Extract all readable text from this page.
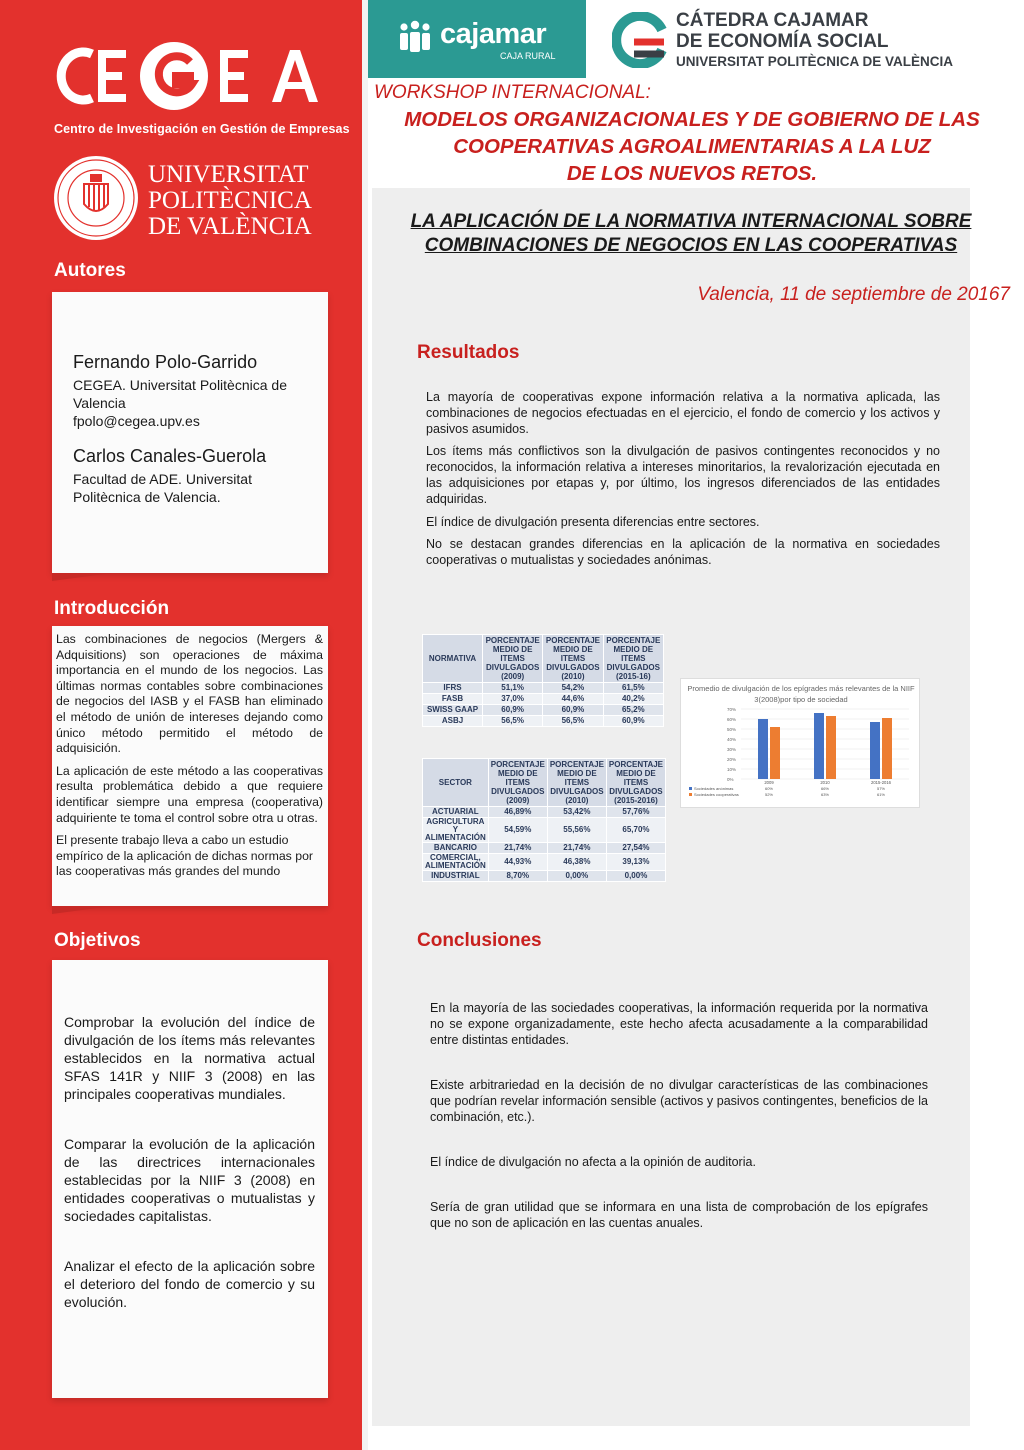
Centro de Investigación en Gestión de Empresas
UNIVERSITAT
POLITÈCNICA
DE VALÈNCIA
Autores
Fernando Polo-Garrido
CEGEA. Universitat Politècnica de
Valencia
fpolo@cegea.upv.es
Carlos Canales-Guerola
Facultad de ADE. Universitat
Politècnica de Valencia.
Introducción

Las combinaciones de negocios (Mergers & Adquisitions) son operaciones de máxima importancia en el mundo de los negocios. Las últimas normas contables sobre combinaciones de negocios del IASB y el FASB han eliminado el método de unión de intereses dejando como único método permitido el método de adquisición.

La aplicación de este método a las cooperativas resulta problemática debido a que requiere identificar siempre una empresa (cooperativa) adquiriente te toma el control sobre otra u otras.

El presente trabajo lleva a cabo un estudio empírico de la aplicación de dichas normas por las cooperativas más grandes del mundo

Objetivos

Comprobar la evolución del índice de divulgación de los ítems más relevantes establecidos en la normativa actual SFAS 141R y NIIF 3 (2008) en las principales cooperativas mundiales.

Comparar la evolución de la aplicación de las directrices internacionales establecidas por la NIIF 3 (2008) en entidades cooperativas o mutualistas y sociedades capitalistas.

Analizar el efecto de la aplicación sobre el deterioro del fondo de comercio y su evolución.

cajamar
CAJA RURAL
CÁTEDRA CAJAMAR
DE ECONOMÍA SOCIAL
UNIVERSITAT POLITÈCNICA DE VALÈNCIA
WORKSHOP INTERNACIONAL:
MODELOS ORGANIZACIONALES Y DE GOBIERNO DE LAS
COOPERATIVAS AGROALIMENTARIAS A LA LUZ
DE LOS NUEVOS RETOS.
LA APLICACIÓN DE LA NORMATIVA INTERNACIONAL SOBRE
COMBINACIONES DE NEGOCIOS EN LAS COOPERATIVAS
Valencia, 11 de septiembre de 20167
Resultados

La mayoría de cooperativas expone información relativa a la normativa aplicada, las combinaciones de negocios efectuadas en el ejercicio, el fondo de comercio y los activos y pasivos asumidos.

Los ítems más conflictivos son la divulgación de pasivos contingentes reconocidos y no reconocidos, la información relativa a intereses minoritarios, la revalorización ejecutada en las adquisiciones por etapas y, por último, los ingresos diferenciados de las entidades adquiridas.

El índice de divulgación presenta diferencias entre sectores.

No se destacan grandes diferencias en la aplicación de la normativa en sociedades cooperativas o mutualistas y sociedades anónimas.

NORMATIVA	PORCENTAJE MEDIO DE ITEMS DIVULGADOS (2009)	PORCENTAJE MEDIO DE ITEMS DIVULGADOS (2010)	PORCENTAJE MEDIO DE ITEMS DIVULGADOS (2015-16)
IFRS	51,1%	54,2%	61,5%
FASB	37,0%	44,6%	40,2%
SWISS GAAP	60,9%	60,9%	65,2%
ASBJ	56,5%	56,5%	60,9%
SECTOR	PORCENTAJE MEDIO DE ITEMS DIVULGADOS (2009)	PORCENTAJE MEDIO DE ITEMS DIVULGADOS (2010)	PORCENTAJE MEDIO DE ITEMS DIVULGADOS (2015-2016)
ACTUARIAL	46,89%	53,42%	57,76%
AGRICULTURA Y ALIMENTACIÓN	54,59%	55,56%	65,70%
BANCARIO	21,74%	21,74%	27,54%
COMERCIAL, ALIMENTACIÓN	44,93%	46,38%	39,13%
INDUSTRIAL	8,70%	0,00%	0,00%
Promedio de divulgación de los epígrades más relevantes de la NIIF 3(2008)por tipo de sociedad
0%
10%
20%
30%
40%
50%
60%
70%
2009	2010	2015-2016
Sociedades anónimas	60%	66%	57%
Sociedades cooperativas	52%	63%	61%
Conclusiones

En la mayoría de las sociedades cooperativas, la información requerida por la normativa no se expone organizadamente, este hecho afecta acusadamente a la comparabilidad entre distintas entidades.

Existe arbitrariedad en la decisión de no divulgar características de las combinaciones que podrían revelar información sensible (activos y pasivos contingentes, beneficios de la combinación, etc.).

El índice de divulgación no afecta a la opinión de auditoria.

Sería de gran utilidad que se informara en una lista de comprobación de los epígrafes que no son de aplicación en las cuentas anuales.
